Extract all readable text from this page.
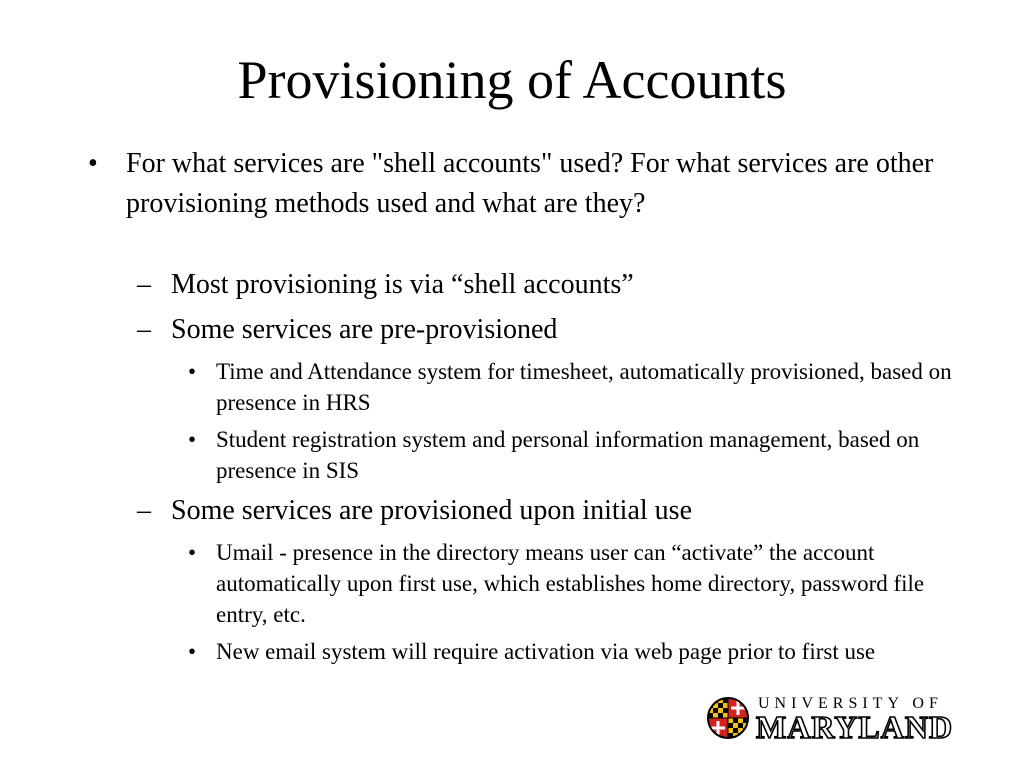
Provisioning of Accounts
• For what services are "shell accounts" used? For what services are other provisioning methods used and what are they?
– Most provisioning is via “shell accounts”
– Some services are pre-provisioned
• Time and Attendance system for timesheet, automatically provisioned, based on presence in HRS
• Student registration system and personal information management, based on presence in SIS
– Some services are provisioned upon initial use
• Umail - presence in the directory means user can “activate” the account automatically upon first use, which establishes home directory, password file entry, etc.
• New email system will require activation via web page prior to first use
UNIVERSITY OF
MARYLAND
